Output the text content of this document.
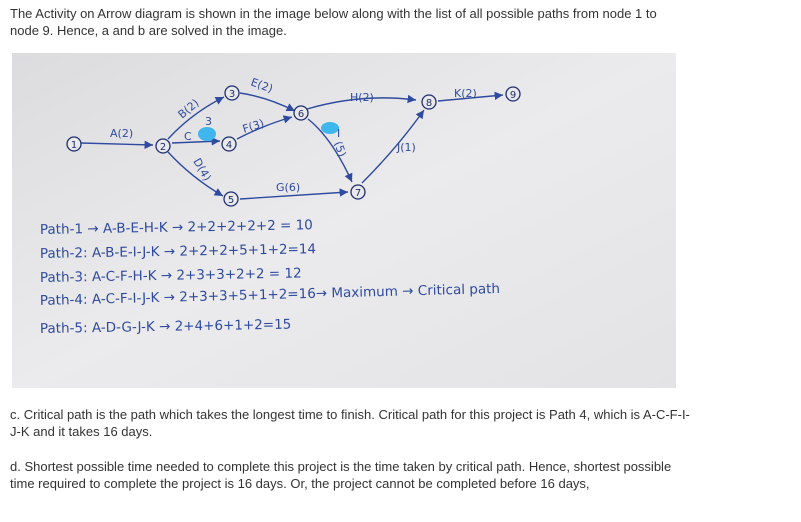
The Activity on Arrow diagram is shown in the image below along with the list of all possible paths from node 1 to node 9. Hence, a and b are solved in the image.

1	2
3
4
5
6
7
8
9
A(2)
B(2)
C
3
D(4)
E(2)
F(3)
H(2)
I
(5)
G(6)
J(1)
K(2)
Path-1 → A-B-E-H-K → 2+2+2+2+2 = 10
Path-2: A-B-E-I-J-K → 2+2+2+5+1+2=14
Path-3: A-C-F-H-K → 2+3+3+2+2 = 12
Path-4: A-C-F-I-J-K → 2+3+3+5+1+2=16→ Maximum → Critical path
Path-5: A-D-G-J-K → 2+4+6+1+2=15

c. Critical path is the path which takes the longest time to finish. Critical path for this project is Path 4, which is A-C-F-I-J-K and it takes 16 days.

d. Shortest possible time needed to complete this project is the time taken by critical path. Hence, shortest possible time required to complete the project is 16 days. Or, the project cannot be completed before 16 days,
